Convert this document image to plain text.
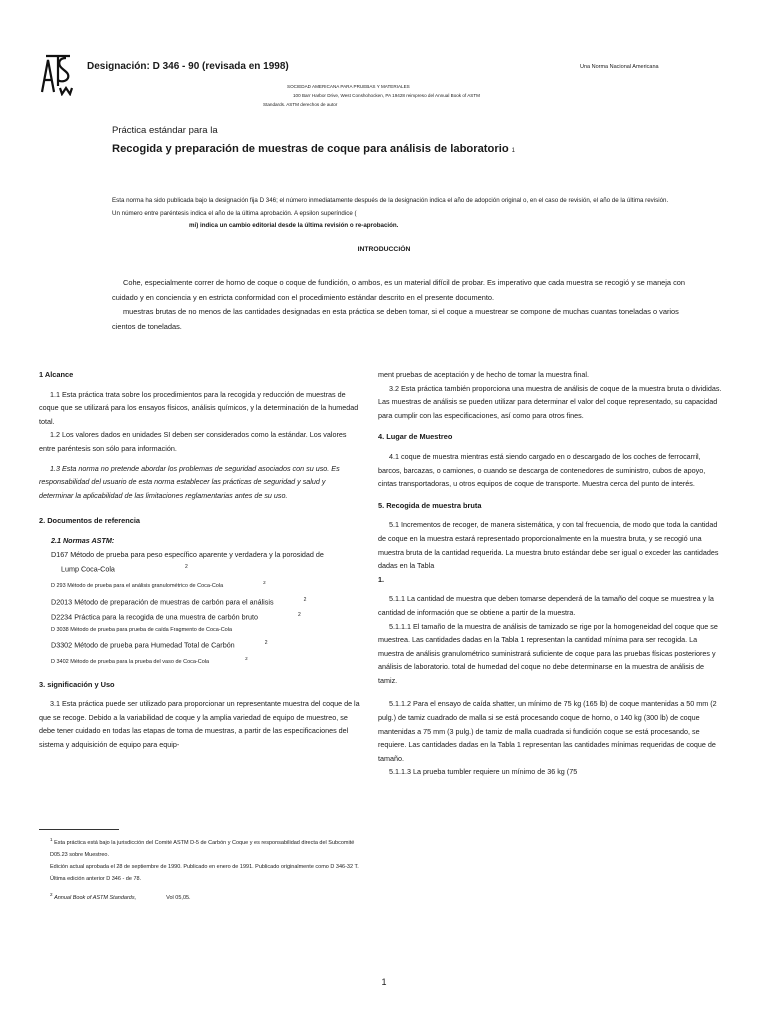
Designación: D 346 - 90 (revisada en 1998)	Una Norma Nacional Americana
SOCIEDAD AMERICANA PARA PRUEBAS Y MATERIALES
100 Barr Harbor Drive, West Conshohocken, PA 19428 reimpreso del Annual Book of ASTM
Standards. ASTM derechos de autor
Práctica estándar para la
Recogida y preparación de muestras de coque para análisis de laboratorio 1
Esta norma ha sido publicada bajo la designación fija D 346; el número inmediatamente después de la designación indica el año de adopción original o, en el caso de revisión, el año de la última revisión. Un número entre paréntesis indica el año de la última aprobación. A epsilon superíndice (
mi) indica un cambio editorial desde la última revisión o re-aprobación.
INTRODUCCIÓN

Cohe, especialmente correr de horno de coque o coque de fundición, o ambos, es un material difícil de probar. Es imperativo que cada muestra se recogió y se maneja con cuidado y en conciencia y en estricta conformidad con el procedimiento estándar descrito en el presente documento.

muestras brutas de no menos de las cantidades designadas en esta práctica se deben tomar, si el coque a muestrear se compone de muchas cuantas toneladas o varios cientos de toneladas.

1 Alcance

1.1 Esta práctica trata sobre los procedimientos para la recogida y reducción de muestras de coque que se utilizará para los ensayos físicos, análisis químicos, y la determinación de la humedad total.

1.2 Los valores dados en unidades SI deben ser considerados como la estándar. Los valores entre paréntesis son sólo para información.

1.3 Esta norma no pretende abordar los problemas de seguridad asociados con su uso. Es responsabilidad del usuario de esta norma establecer las prácticas de seguridad y salud y determinar la aplicabilidad de las limitaciones reglamentarias antes de su uso.

2. Documentos de referencia

2.1 Normas ASTM:

D167 Método de prueba para peso específico aparente y verdadera y la porosidad de

Lump Coca-Cola	$^2$

D 293 Método de prueba para el análisis granulométrico de Coca-Cola$^2$

D2013 Método de preparación de muestras de carbón para el análisis	$^2$

D2234 Práctica para la recogida de una muestra de carbón bruto	$^2$

D 3038 Método de prueba para prueba de caída Fragmento de Coca-Cola

D3302 Método de prueba para Humedad Total de Carbón	$^2$

D 3402 Método de prueba para la prueba del vaso de Coca-Cola$^2$

3. significación y Uso

3.1 Esta práctica puede ser utilizado para proporcionar un representante muestra del coque de la que se recoge. Debido a la variabilidad de coque y la amplia variedad de equipo de muestreo, se debe tener cuidado en todas las etapas de toma de muestras, a partir de las especificaciones del sistema y adquisición de equipo para equip-

ment pruebas de aceptación y de hecho de tomar la muestra final.

3.2 Esta práctica también proporciona una muestra de análisis de coque de la muestra bruta o divididas. Las muestras de análisis se pueden utilizar para determinar el valor del coque representado, su capacidad para cumplir con las especificaciones, así como para otros fines.

4. Lugar de Muestreo

4.1 coque de muestra mientras está siendo cargado en o descargado de los coches de ferrocarril, barcos, barcazas, o camiones, o cuando se descarga de contenedores de suministro, cubos de apoyo, cintas transportadoras, u otros equipos de coque de transporte. Muestra cerca del punto de interés.

5. Recogida de muestra bruta

5.1 Incrementos de recoger, de manera sistemática, y con tal frecuencia, de modo que toda la cantidad de coque en la muestra estará representado proporcionalmente en la muestra bruta, y se recogió una muestra bruta de la cantidad requerida. La muestra bruto estándar debe ser igual o exceder las cantidades dadas en la Tabla

1.

5.1.1 La cantidad de muestra que deben tomarse dependerá de la tamaño del coque se muestrea y la cantidad de información que se obtiene a partir de la muestra.

5.1.1.1 El tamaño de la muestra de análisis de tamizado se rige por la homogeneidad del coque que se muestrea. Las cantidades dadas en la Tabla 1 representan la cantidad mínima para ser recogida. La muestra de análisis granulométrico suministrará suficiente de coque para las pruebas físicas posteriores y análisis de laboratorio. total de humedad del coque no debe determinarse en la muestra de análisis de tamiz.

5.1.1.2 Para el ensayo de caída shatter, un mínimo de 75 kg (165 lb) de coque mantenidas a 50 mm (2 pulg.) de tamiz cuadrado de malla si se está procesando coque de horno, o 140 kg (300 lb) de coque mantenidas a 75 mm (3 pulg.) de tamiz de malla cuadrada si fundición coque se está procesando, se requiere. Las cantidades dadas en la Tabla 1 representan las cantidades mínimas requeridas de coque de tamaño.

5.1.1.3 La prueba tumbler requiere un mínimo de 36 kg (75

$^1$ Esta práctica está bajo la jurisdicción del Comité ASTM D-5 de Carbón y Coque y es responsabilidad directa del Subcomité D05.23 sobre Muestreo.

Edición actual aprobada el 28 de septiembre de 1990. Publicado en enero de 1991. Publicado originalmente como D 346-32 T. Última edición anterior D 346 - de 78.

$^2$ Annual Book of ASTM Standards,	Vol 05,05.

1
